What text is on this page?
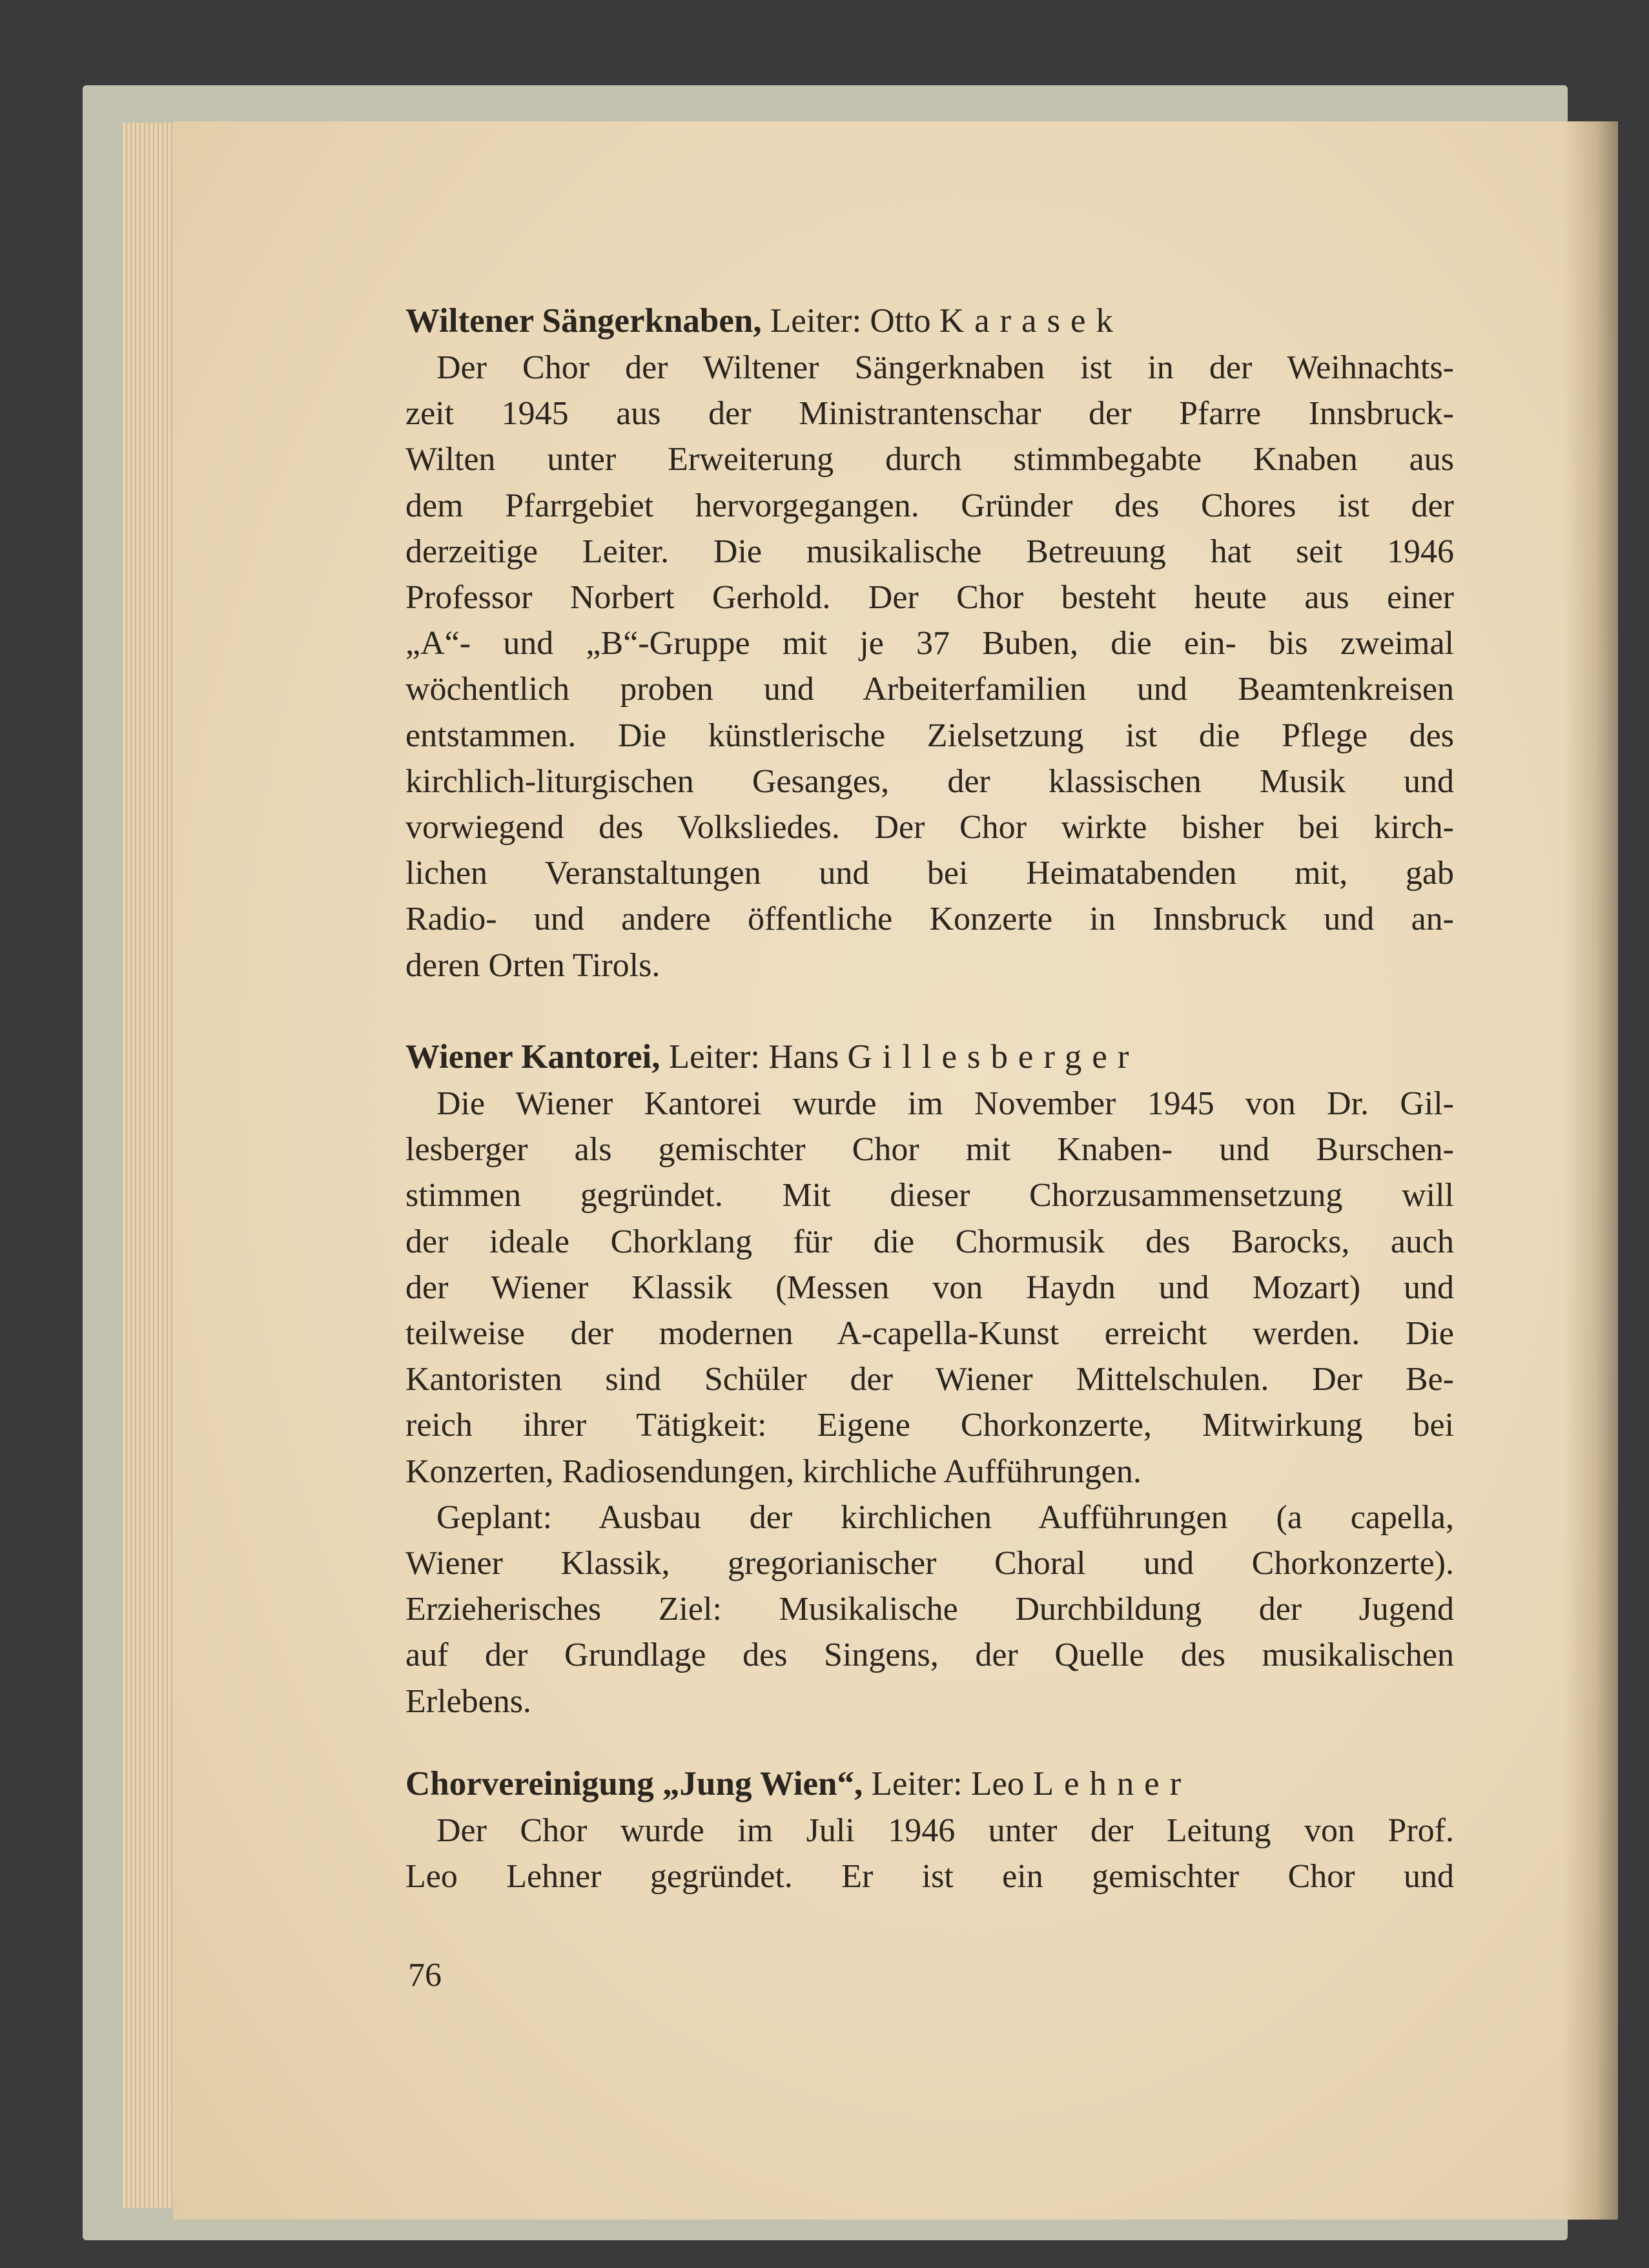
Wiltener Sängerknaben, Leiter: Otto Karasek
Der Chor der Wiltener Sängerknaben ist in der Weihnachts-
zeit 1945 aus der Ministrantenschar der Pfarre Innsbruck-
Wilten unter Erweiterung durch stimmbegabte Knaben aus
dem Pfarrgebiet hervorgegangen. Gründer des Chores ist der
derzeitige Leiter. Die musikalische Betreuung hat seit 1946
Professor Norbert Gerhold. Der Chor besteht heute aus einer
„A“- und „B“-Gruppe mit je 37 Buben, die ein- bis zweimal
wöchentlich proben und Arbeiterfamilien und Beamtenkreisen
entstammen. Die künstlerische Zielsetzung ist die Pflege des
kirchlich-liturgischen Gesanges, der klassischen Musik und
vorwiegend des Volksliedes. Der Chor wirkte bisher bei kirch-
lichen Veranstaltungen und bei Heimatabenden mit, gab
Radio- und andere öffentliche Konzerte in Innsbruck und an-
deren Orten Tirols.
Wiener Kantorei, Leiter: Hans Gillesberger
Die Wiener Kantorei wurde im November 1945 von Dr. Gil-
lesberger als gemischter Chor mit Knaben- und Burschen-
stimmen gegründet. Mit dieser Chorzusammensetzung will
der ideale Chorklang für die Chormusik des Barocks, auch
der Wiener Klassik (Messen von Haydn und Mozart) und
teilweise der modernen A-capella-Kunst erreicht werden. Die
Kantoristen sind Schüler der Wiener Mittelschulen. Der Be-
reich ihrer Tätigkeit: Eigene Chorkonzerte, Mitwirkung bei
Konzerten, Radiosendungen, kirchliche Aufführungen.
Geplant: Ausbau der kirchlichen Aufführungen (a capella,
Wiener Klassik, gregorianischer Choral und Chorkonzerte).
Erzieherisches Ziel: Musikalische Durchbildung der Jugend
auf der Grundlage des Singens, der Quelle des musikalischen
Erlebens.
Chorvereinigung „Jung Wien“, Leiter: Leo Lehner
Der Chor wurde im Juli 1946 unter der Leitung von Prof.
Leo Lehner gegründet. Er ist ein gemischter Chor und
76
